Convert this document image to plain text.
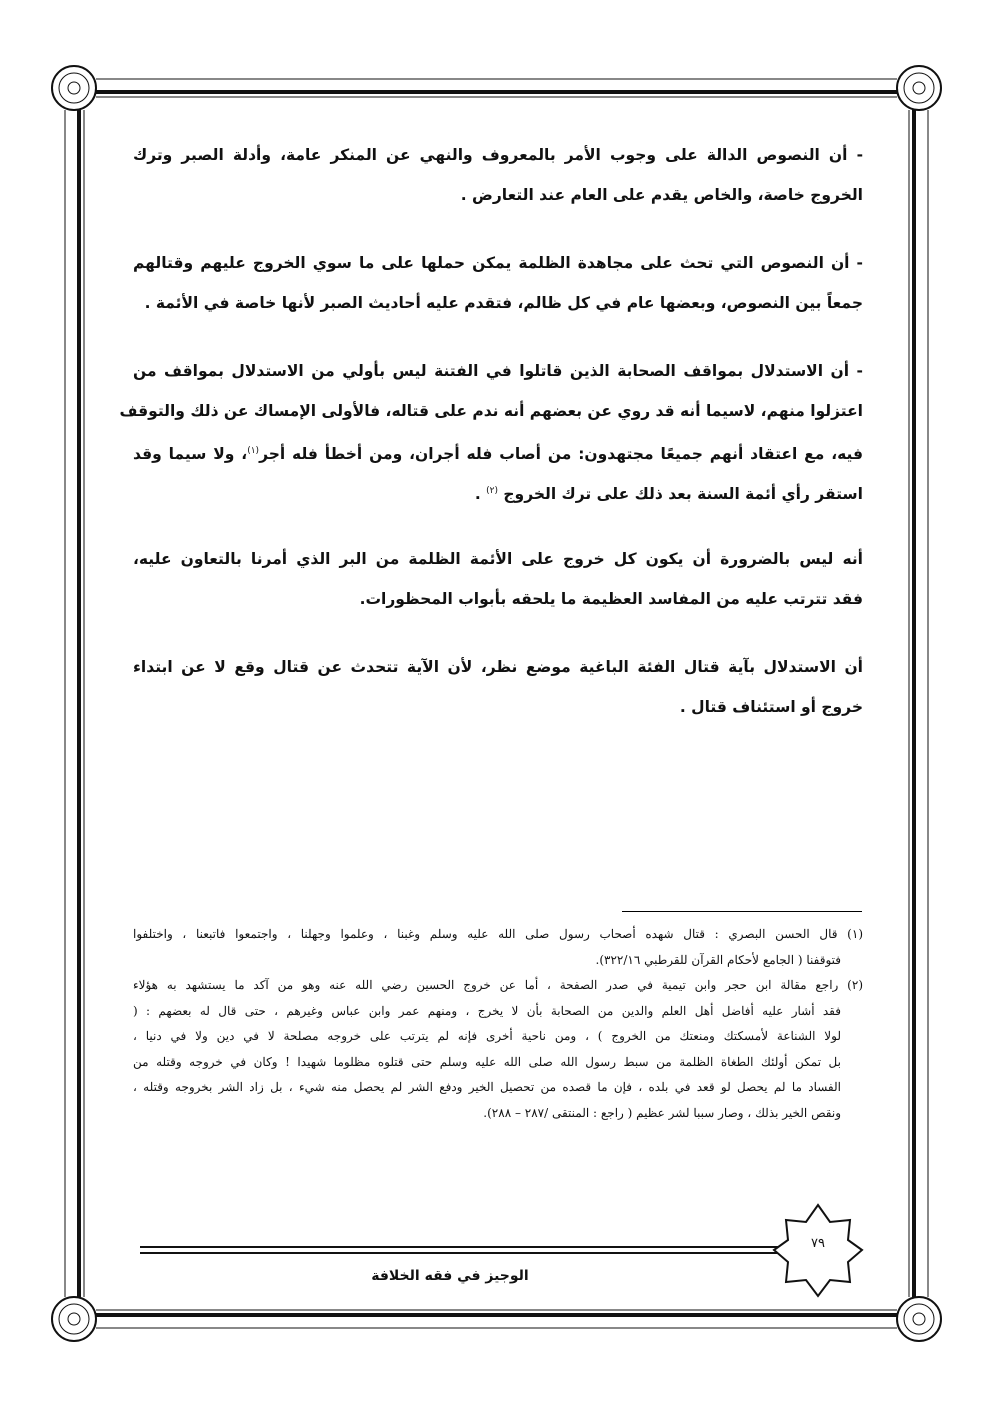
- أن النصوص الدالة على وجوب الأمر بالمعروف والنهي عن المنكر عامة، وأدلة الصبر وترك
الخروج خاصة، والخاص يقدم على العام عند التعارض .
- أن النصوص التي تحث على مجاهدة الظلمة يمكن حملها على ما سوي الخروج عليهم وقتالهم
جمعاً بين النصوص، وبعضها عام في كل ظالم، فتقدم عليه أحاديث الصبر لأنها خاصة في الأئمة .
- أن الاستدلال بمواقف الصحابة الذين قاتلوا في الفتنة ليس بأولي من الاستدلال بمواقف من
اعتزلوا منهم، لاسيما أنه قد روي عن بعضهم أنه ندم على قتاله، فالأولى الإمساك عن ذلك والتوقف
فيه، مع اعتقاد أنهم جميعًا مجتهدون: من أصاب فله أجران، ومن أخطأ فله أجر$^{(١)}$، ولا سيما وقد
استقر رأي أئمة السنة بعد ذلك على ترك الخروج $^{(٢)}$ .
أنه ليس بالضرورة أن يكون كل خروج على الأئمة الظلمة من البر الذي أمرنا بالتعاون عليه،
فقد تترتب عليه من المفاسد العظيمة ما يلحقه بأبواب المحظورات.
أن الاستدلال بآية قتال الفئة الباغية موضع نظر، لأن الآية تتحدث عن قتال وقع لا عن ابتداء
خروج أو استئناف قتال .
(١) قال الحسن البصري : قتال شهده أصحاب رسول صلى الله عليه وسلم وغبنا ، وعلموا وجهلنا ، واجتمعوا فاتبعنا ، واختلفوا
فتوقفنا ( الجامع لأحكام القرآن للقرطبي ٣٢٢/١٦).
(٢) راجع مقالة ابن حجر وابن تيمية في صدر الصفحة ، أما عن خروج الحسين رضي الله عنه وهو من آكد ما يستشهد به هؤلاء
فقد أشار عليه أفاضل أهل العلم والدين من الصحابة بأن لا يخرج ، ومنهم عمر وابن عباس وغيرهم ، حتى قال له بعضهم : (
لولا الشناعة لأمسكتك ومنعتك من الخروج ) ، ومن ناحية أخرى فإنه لم يترتب على خروجه مصلحة لا في دين ولا في دنيا ،
بل تمكن أولئك الطغاة الظلمة من سبط رسول الله صلى الله عليه وسلم حتى قتلوه مظلوما شهيدا ! وكان في خروجه وقتله من
الفساد ما لم يحصل لو قعد في بلده ، فإن ما قصده من تحصيل الخير ودفع الشر لم يحصل منه شيء ، بل زاد الشر بخروجه وقتله ،
ونقص الخير بذلك ، وصار سببا لشر عظيم ( راجع : المنتقى /٢٨٧ – ٢٨٨).
٧٩
الوجيز في فقه الخلافة
